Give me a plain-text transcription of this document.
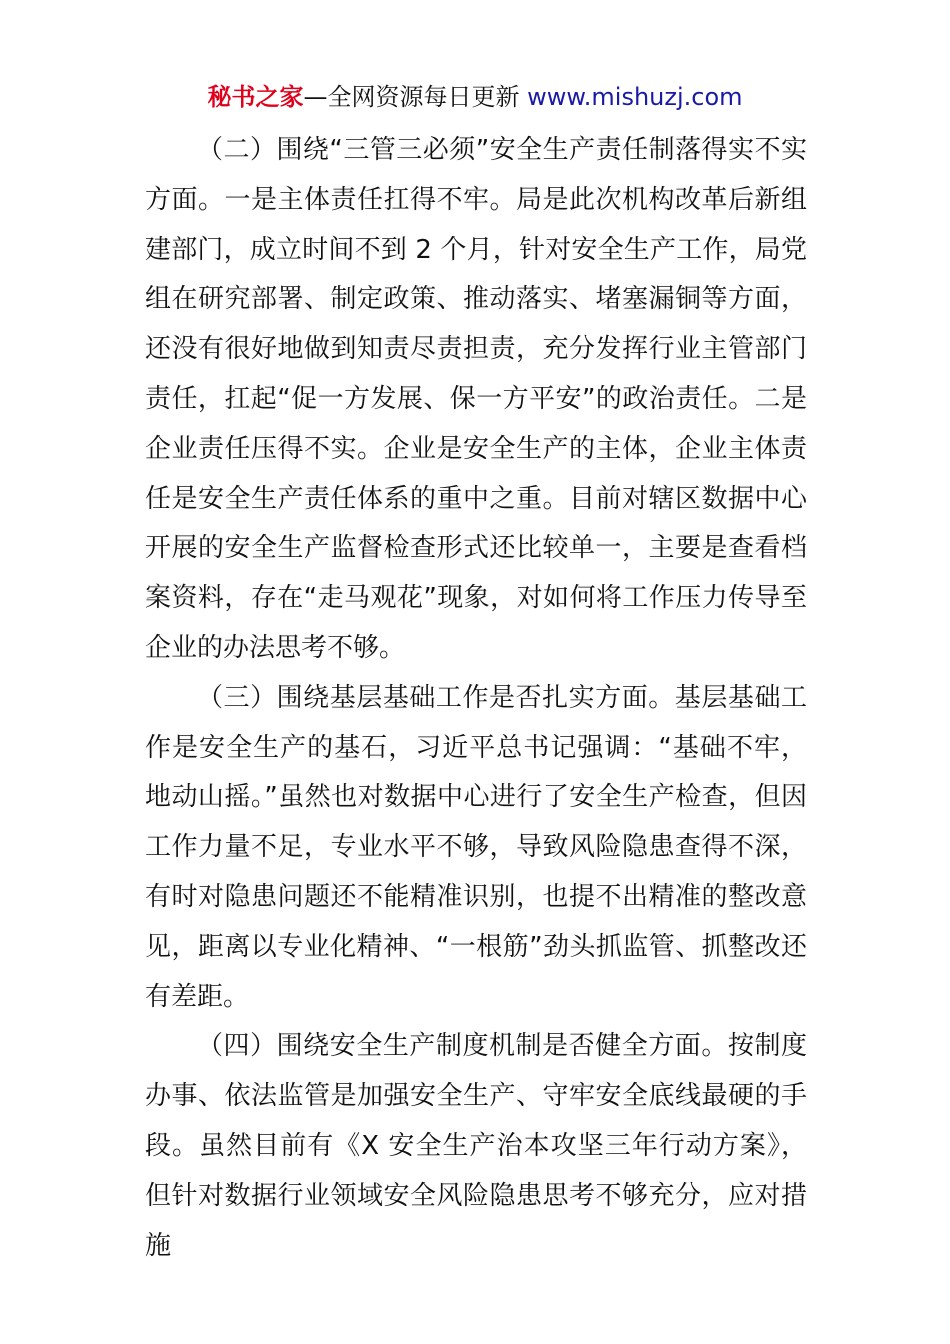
秘书之家—全网资源每日更新 www.mishuzj.com

（二）围绕“三管三必须”安全生产责任制落得实不实方面。一是主体责任扛得不牢。局是此次机构改革后新组建部门，成立时间不到 2 个月，针对安全生产工作，局党组在研究部署、制定政策、推动落实、堵塞漏铜等方面，还没有很好地做到知责尽责担责，充分发挥行业主管部门责任，扛起“促一方发展、保一方平安”的政治责任。二是企业责任压得不实。企业是安全生产的主体，企业主体责任是安全生产责任体系的重中之重。目前对辖区数据中心开展的安全生产监督检查形式还比较单一，主要是查看档案资料，存在“走马观花”现象，对如何将工作压力传导至企业的办法思考不够。

（三）围绕基层基础工作是否扎实方面。基层基础工作是安全生产的基石，习近平总书记强调：“基础不牢，地动山摇。”虽然也对数据中心进行了安全生产检查，但因工作力量不足，专业水平不够，导致风险隐患查得不深，有时对隐患问题还不能精准识别，也提不出精准的整改意见，距离以专业化精神、“一根筋”劲头抓监管、抓整改还有差距。

（四）围绕安全生产制度机制是否健全方面。按制度办事、依法监管是加强安全生产、守牢安全底线最硬的手段。虽然目前有《X 安全生产治本攻坚三年行动方案》，但针对数据行业领域安全风险隐患思考不够充分，应对措施
